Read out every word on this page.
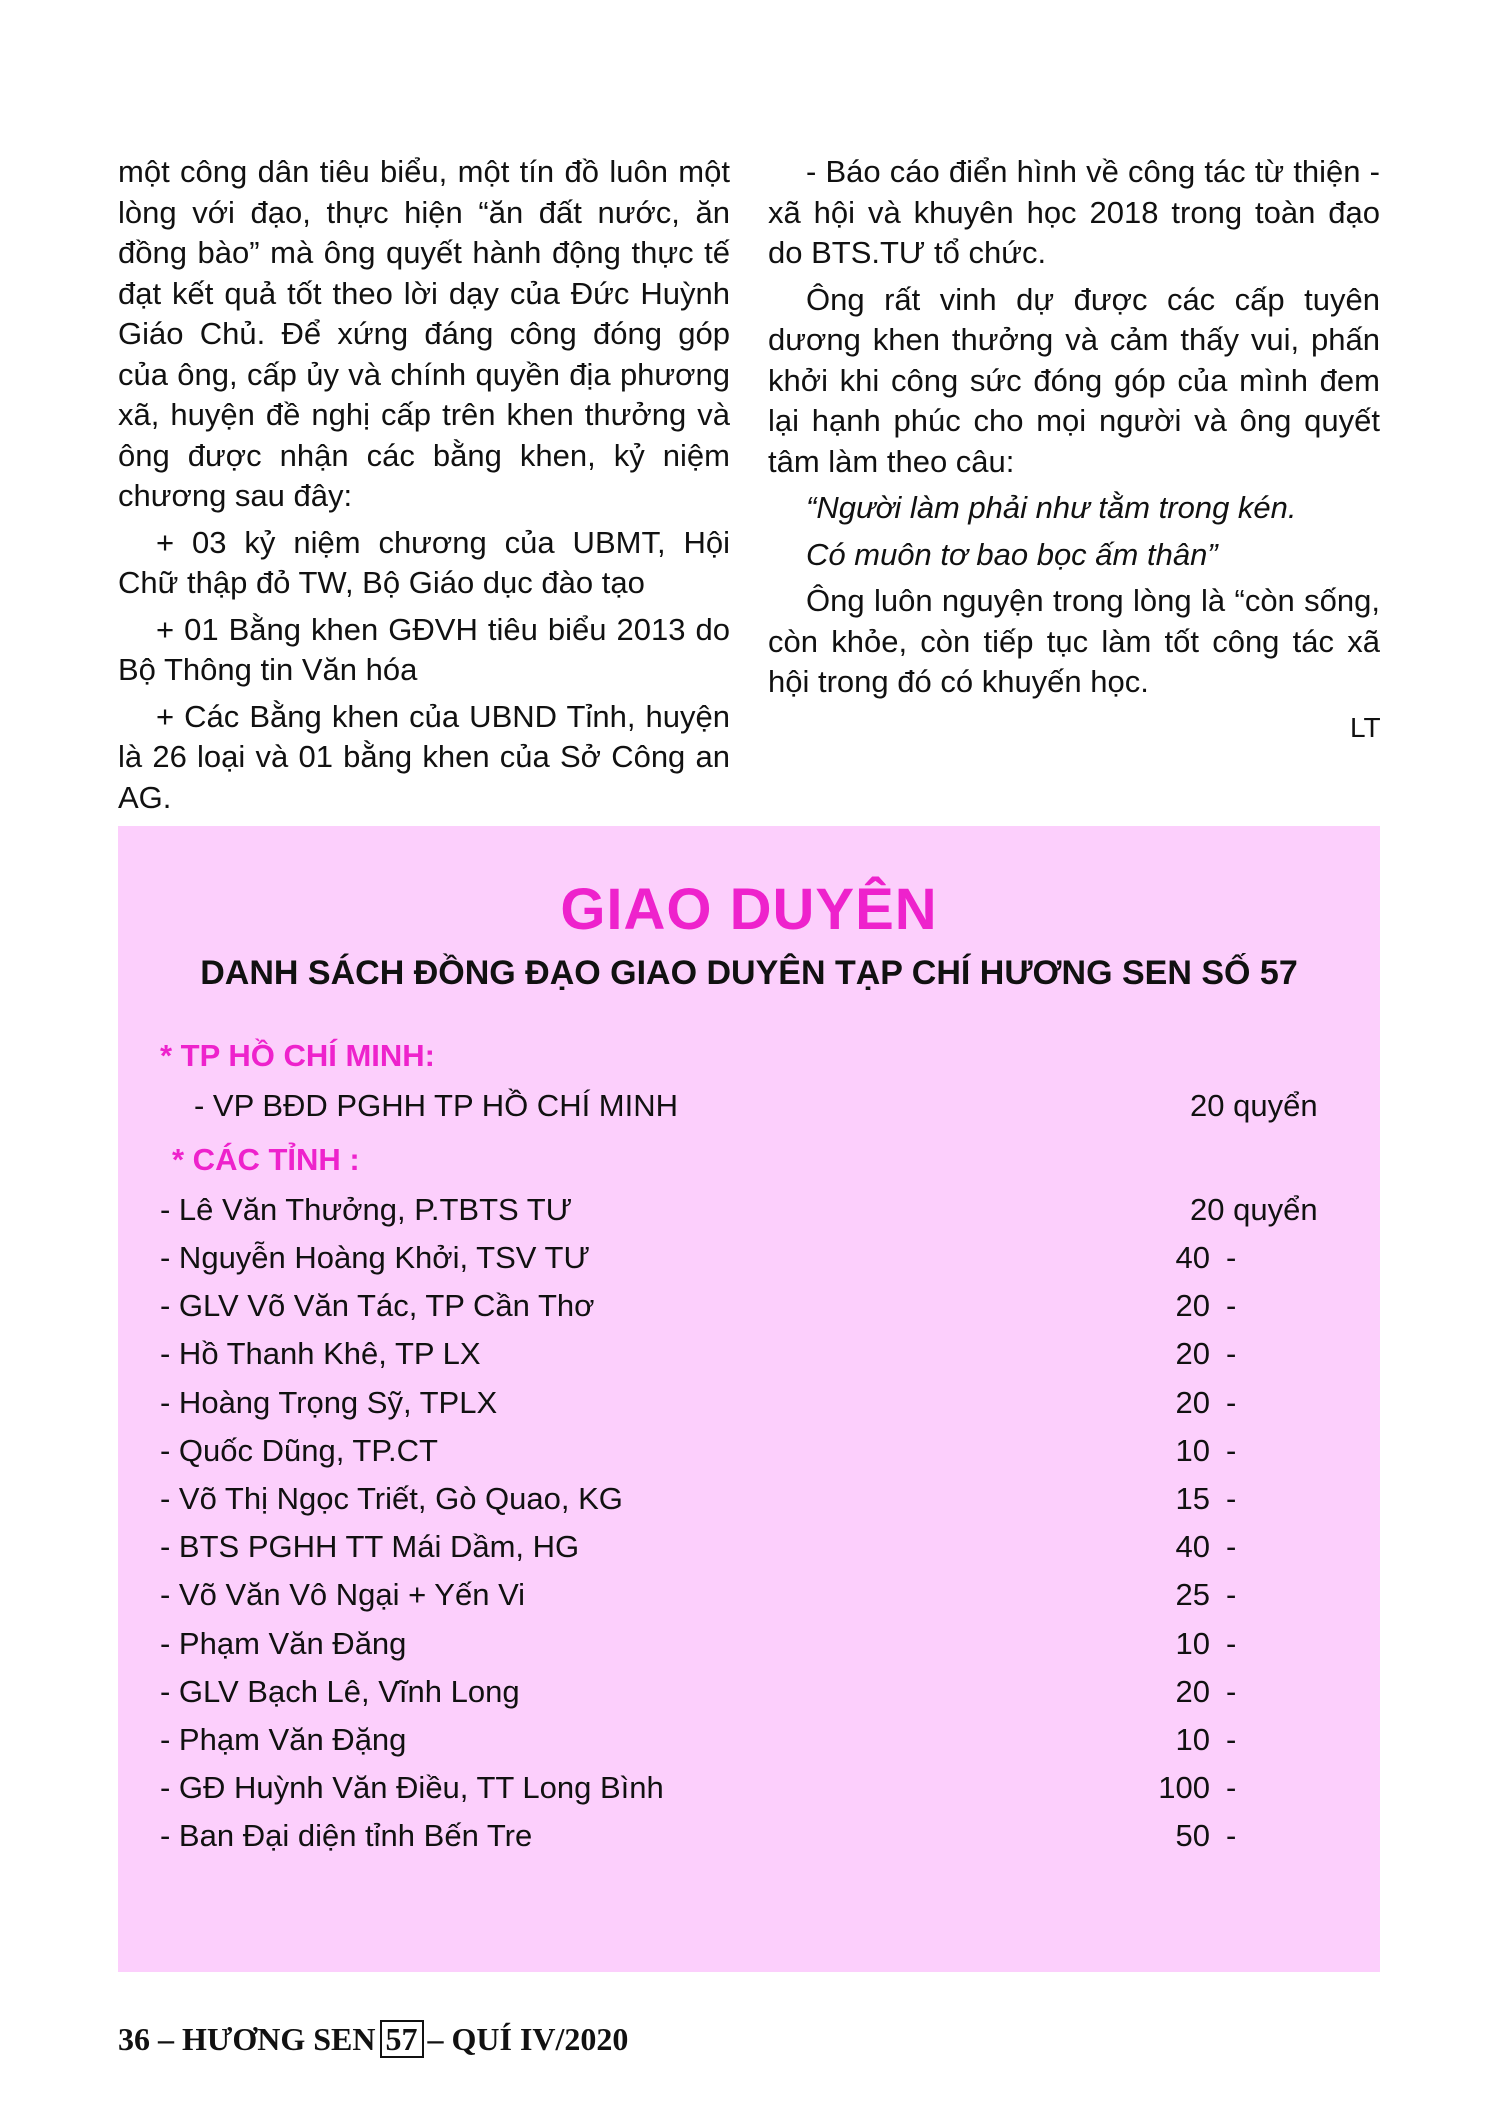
một công dân tiêu biểu, một tín đồ luôn một lòng với đạo, thực hiện “ăn đất nước, ăn đồng bào” mà ông quyết hành động thực tế đạt kết quả tốt theo lời dạy của Đức Huỳnh Giáo Chủ. Để xứng đáng công đóng góp của ông, cấp ủy và chính quyền địa phương xã, huyện đề nghị cấp trên khen thưởng và ông được nhận các bằng khen, kỷ niệm chương sau đây:

+ 03 kỷ niệm chương của UBMT, Hội Chữ thập đỏ TW, Bộ Giáo dục đào tạo

+ 01 Bằng khen GĐVH tiêu biểu 2013 do Bộ Thông tin Văn hóa

+ Các Bằng khen của UBND Tỉnh, huyện là 26 loại và 01 bằng khen của Sở Công an AG.

- Báo cáo điển hình về công tác từ thiện - xã hội và khuyên học 2018 trong toàn đạo do BTS.TƯ tổ chức.

Ông rất vinh dự được các cấp tuyên dương khen thưởng và cảm thấy vui, phấn khởi khi công sức đóng góp của mình đem lại hạnh phúc cho mọi người và ông quyết tâm làm theo câu:

“Người làm phải như tằm trong kén.

Có muôn tơ bao bọc ấm thân”

Ông luôn nguyện trong lòng là “còn sống, còn khỏe, còn tiếp tục làm tốt công tác xã hội trong đó có khuyến học.

LT
GIAO DUYÊN
DANH SÁCH ĐỒNG ĐẠO GIAO DUYÊN TẠP CHÍ HƯƠNG SEN SỐ 57
* TP HỒ CHÍ MINH:
- VP BĐD PGHH TP HỒ CHÍ MINH	20 quyển
* CÁC TỈNH :
- Lê Văn Thưởng, P.TBTS TƯ	20 quyển
- Nguyễn Hoàng Khởi, TSV TƯ	40 -
- GLV Võ Văn Tác, TP Cần Thơ	20 -
- Hồ Thanh Khê, TP LX	20 -
- Hoàng Trọng Sỹ, TPLX	20 -
- Quốc Dũng, TP.CT	10 -
- Võ Thị Ngọc Triết, Gò Quao, KG	15 -
- BTS PGHH TT Mái Dầm, HG	40 -
- Võ Văn Vô Ngại + Yến Vi	25 -
- Phạm Văn Đăng	10 -
- GLV Bạch Lê, Vĩnh Long	20 -
- Phạm Văn Đặng	10 -
- GĐ Huỳnh Văn Điều, TT Long Bình	100 -
- Ban Đại diện tỉnh Bến Tre	50 -
36 – HƯƠNG SEN 57 – QUÍ IV/2020
